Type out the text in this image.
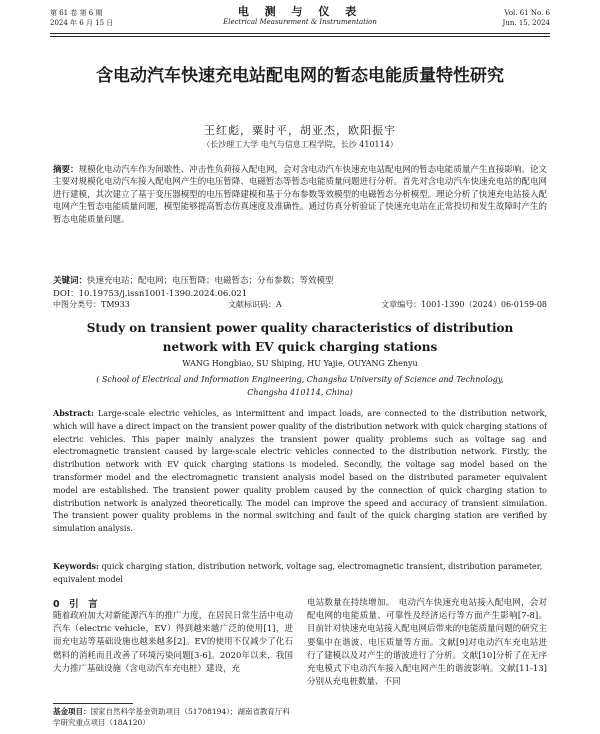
第 61 卷 第 6 期
2024 年 6 月 15 日
电 测 与 仪 表
Electrical Measurement & Instrumentation
Vol. 61 No. 6
Jun. 15, 2024
含电动汽车快速充电站配电网的暂态电能质量特性研究
王红彪，粟时平，胡亚杰，欧阳振宇
（长沙理工大学 电气与信息工程学院，长沙 410114）
摘要：规模化电动汽车作为间歇性、冲击性负荷接入配电网，会对含电动汽车快速充电站配电网的暂态电能质量产生直接影响。论文主要对规模化电动汽车接入配电网产生的电压暂降、电磁暂态等暂态电能质量问题进行分析。首先对含电动汽车快速充电站的配电网进行建模，其次建立了基于变压器模型的电压暂降建模和基于分布参数等效模型的电磁暂态分析模型。理论分析了快速充电站接入配电网产生暂态电能质量问题，模型能够提高暂态仿真速度及准确性。通过仿真分析验证了快速充电站在正常投切和发生故障时产生的暂态电能质量问题。
关键词：快速充电站；配电网；电压暂降；电磁暂态；分布参数；等效模型
DOI：10.19753/j.issn1001-1390.2024.06.021
中图分类号：TM933	文献标识码：A	文章编号：1001-1390（2024）06-0159-08
Study on transient power quality characteristics of distribution network with EV quick charging stations
WANG Hongbiao, SU Shiping, HU Yajie, OUYANG Zhenyu
( School of Electrical and Information Engineering, Changsha University of Science and Technology, Changsha 410114, China)
Abstract: Large-scale electric vehicles, as intermittent and impact loads, are connected to the distribution network, which will have a direct impact on the transient power quality of the distribution network with quick charging stations of electric vehicles. This paper mainly analyzes the transient power quality problems such as voltage sag and electromagnetic transient caused by large-scale electric vehicles connected to the distribution network. Firstly, the distribution network with EV quick charging stations is modeled. Secondly, the voltage sag model based on the transformer model and the electromagnetic transient analysis model based on the distributed parameter equivalent model are established. The transient power quality problem caused by the connection of quick charging station to distribution network is analyzed theoretically. The model can improve the speed and accuracy of transient simulation. The transient power quality problems in the normal switching and fault of the quick charging station are verified by simulation analysis.
Keywords: quick charging station, distribution network, voltage sag, electromagnetic transient, distribution parameter, equivalent model
0　引　言
随着政府加大对新能源汽车的推广力度，在居民日常生活中电动汽车（electric vehicle，EV）得到越来越广泛的使用[1]，进而充电站等基础设施也越来越多[2]。EV的使用不仅减少了化石燃料的消耗而且改善了环境污染问题[3-6]。2020年以来，我国大力推广基础设施（含电动汽车充电桩）建设，充
电站数量在持续增加。　电动汽车快速充电站接入配电网，会对配电网的电能质量、可靠性及经济运行等方面产生影响[7-8]。目前针对快速充电站接入配电网后带来的电能质量问题的研究主要集中在谐波、电压质量等方面。文献[9]对电动汽车充电站进行了建模以及对产生的谐波进行了分析。文献[10]分析了在无序充电模式下电动汽车接入配电网产生的谐波影响。文献[11-13]分别从充电桩数量、不同
基金项目：国家自然科学基金资助项目（51708194）；湖南省教育厅科学研究重点项目（18A120）
